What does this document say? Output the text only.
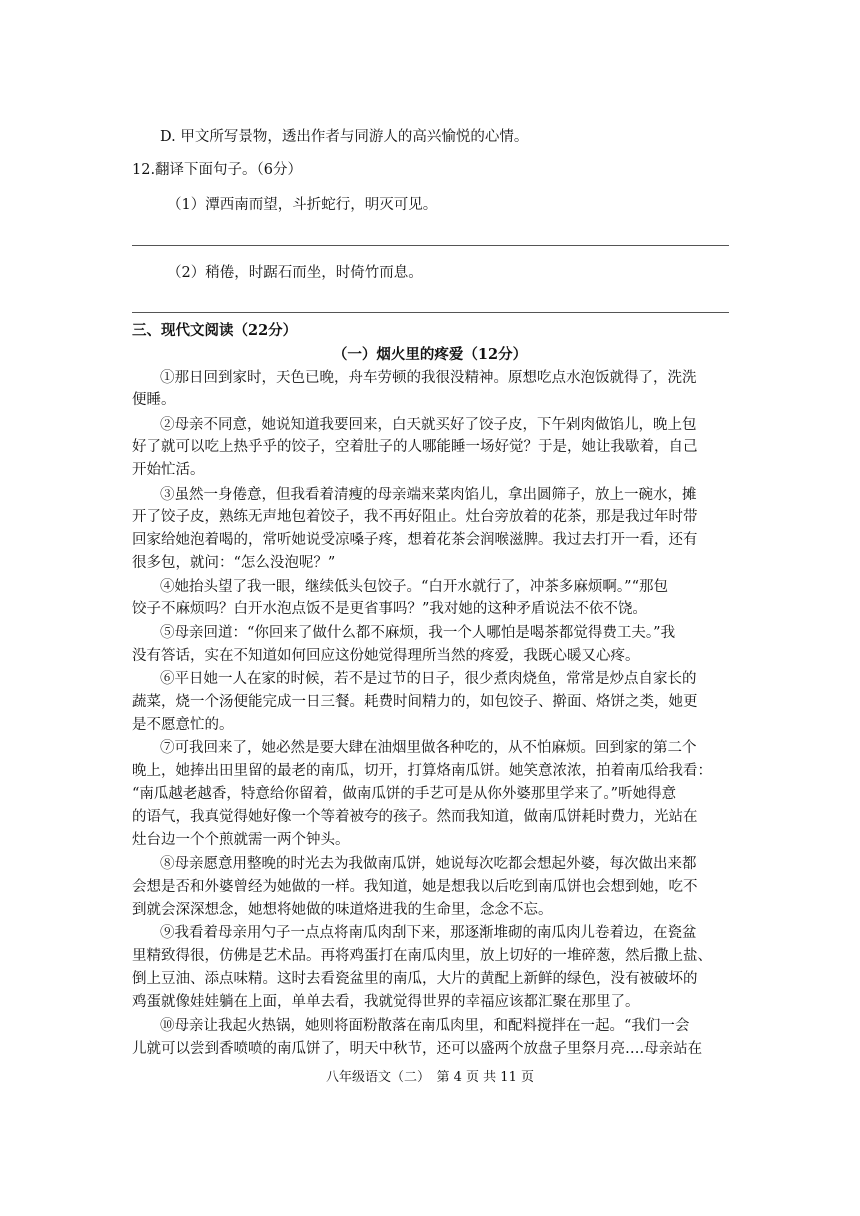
D. 甲文所写景物，透出作者与同游人的高兴愉悦的心情。
12.翻译下面句子。（6分）
（1）潭西南而望，斗折蛇行，明灭可见。
（2）稍倦，时踞石而坐，时倚竹而息。
三、现代文阅读（22分）
（一）烟火里的疼爱（12分）
①那日回到家时，天色已晚，舟车劳顿的我很没精神。原想吃点水泡饭就得了，洗洗
便睡。
②母亲不同意，她说知道我要回来，白天就买好了饺子皮，下午剁肉做馅儿，晚上包
好了就可以吃上热乎乎的饺子，空着肚子的人哪能睡一场好觉？于是，她让我歇着，自己
开始忙活。
③虽然一身倦意，但我看着清瘦的母亲端来菜肉馅儿，拿出圆筛子，放上一碗水，摊
开了饺子皮，熟练无声地包着饺子，我不再好阻止。灶台旁放着的花茶，那是我过年时带
回家给她泡着喝的，常听她说受凉嗓子疼，想着花茶会润喉滋脾。我过去打开一看，还有
很多包，就问：“怎么没泡呢？”
④她抬头望了我一眼，继续低头包饺子。“白开水就行了，冲茶多麻烦啊。”“那包
饺子不麻烦吗？白开水泡点饭不是更省事吗？”我对她的这种矛盾说法不依不饶。
⑤母亲回道：“你回来了做什么都不麻烦，我一个人哪怕是喝茶都觉得费工夫。”我
没有答话，实在不知道如何回应这份她觉得理所当然的疼爱，我既心暖又心疼。
⑥平日她一人在家的时候，若不是过节的日子，很少煮肉烧鱼，常常是炒点自家长的
蔬菜，烧一个汤便能完成一日三餐。耗费时间精力的，如包饺子、擀面、烙饼之类，她更
是不愿意忙的。
⑦可我回来了，她必然是要大肆在油烟里做各种吃的，从不怕麻烦。回到家的第二个
晚上，她捧出田里留的最老的南瓜，切开，打算烙南瓜饼。她笑意浓浓，拍着南瓜给我看：
“南瓜越老越香，特意给你留着，做南瓜饼的手艺可是从你外婆那里学来了。”听她得意
的语气，我真觉得她好像一个等着被夸的孩子。然而我知道，做南瓜饼耗时费力，光站在
灶台边一个个煎就需一两个钟头。
⑧母亲愿意用整晚的时光去为我做南瓜饼，她说每次吃都会想起外婆，每次做出来都
会想是否和外婆曾经为她做的一样。我知道，她是想我以后吃到南瓜饼也会想到她，吃不
到就会深深想念，她想将她做的味道烙进我的生命里，念念不忘。
⑨我看着母亲用勺子一点点将南瓜肉刮下来，那逐渐堆砌的南瓜肉儿卷着边，在瓷盆
里精致得很，仿佛是艺术品。再将鸡蛋打在南瓜肉里，放上切好的一堆碎葱，然后撒上盐、
倒上豆油、添点味精。这时去看瓷盆里的南瓜，大片的黄配上新鲜的绿色，没有被破坏的
鸡蛋就像娃娃躺在上面，单单去看，我就觉得世界的幸福应该都汇聚在那里了。
⑩母亲让我起火热锅，她则将面粉散落在南瓜肉里，和配料搅拌在一起。“我们一会
儿就可以尝到香喷喷的南瓜饼了，明天中秋节，还可以盛两个放盘子里祭月亮….母亲站在
八年级语文（二）　第 4 页 共 11 页
